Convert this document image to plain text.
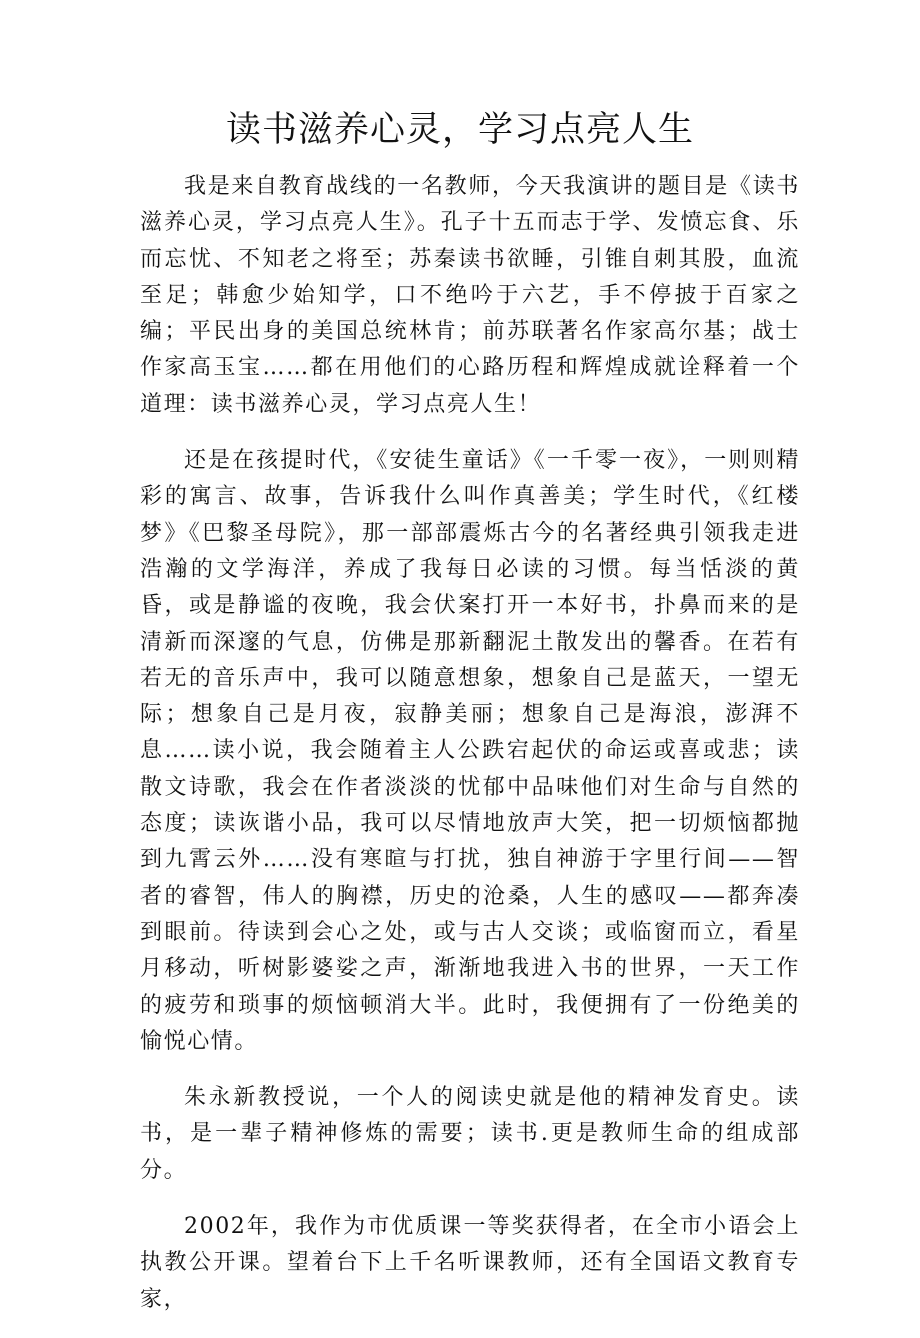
读书滋养心灵，学习点亮人生

我是来自教育战线的一名教师，今天我演讲的题目是《读书滋养心灵，学习点亮人生》。孔子十五而志于学、发愤忘食、乐而忘忧、不知老之将至；苏秦读书欲睡，引锥自刺其股，血流至足；韩愈少始知学，口不绝吟于六艺，手不停披于百家之编；平民出身的美国总统林肯；前苏联著名作家高尔基；战士作家高玉宝……都在用他们的心路历程和辉煌成就诠释着一个道理：读书滋养心灵，学习点亮人生！

还是在孩提时代，《安徒生童话》《一千零一夜》，一则则精彩的寓言、故事，告诉我什么叫作真善美；学生时代，《红楼梦》《巴黎圣母院》，那一部部震烁古今的名著经典引领我走进浩瀚的文学海洋，养成了我每日必读的习惯。每当恬淡的黄昏，或是静谧的夜晚，我会伏案打开一本好书，扑鼻而来的是清新而深邃的气息，仿佛是那新翻泥土散发出的馨香。在若有若无的音乐声中，我可以随意想象，想象自己是蓝天，一望无际；想象自己是月夜，寂静美丽；想象自己是海浪，澎湃不息……读小说，我会随着主人公跌宕起伏的命运或喜或悲；读散文诗歌，我会在作者淡淡的忧郁中品味他们对生命与自然的态度；读诙谐小品，我可以尽情地放声大笑，把一切烦恼都抛到九霄云外……没有寒暄与打扰，独自神游于字里行间——智者的睿智，伟人的胸襟，历史的沧桑，人生的感叹——都奔凑到眼前。待读到会心之处，或与古人交谈；或临窗而立，看星月移动，听树影婆娑之声，渐渐地我进入书的世界，一天工作的疲劳和琐事的烦恼顿消大半。此时，我便拥有了一份绝美的愉悦心情。

朱永新教授说，一个人的阅读史就是他的精神发育史。读书，是一辈子精神修炼的需要；读书.更是教师生命的组成部分。

2002年，我作为市优质课一等奖获得者，在全市小语会上执教公开课。望着台下上千名听课教师，还有全国语文教育专家，
